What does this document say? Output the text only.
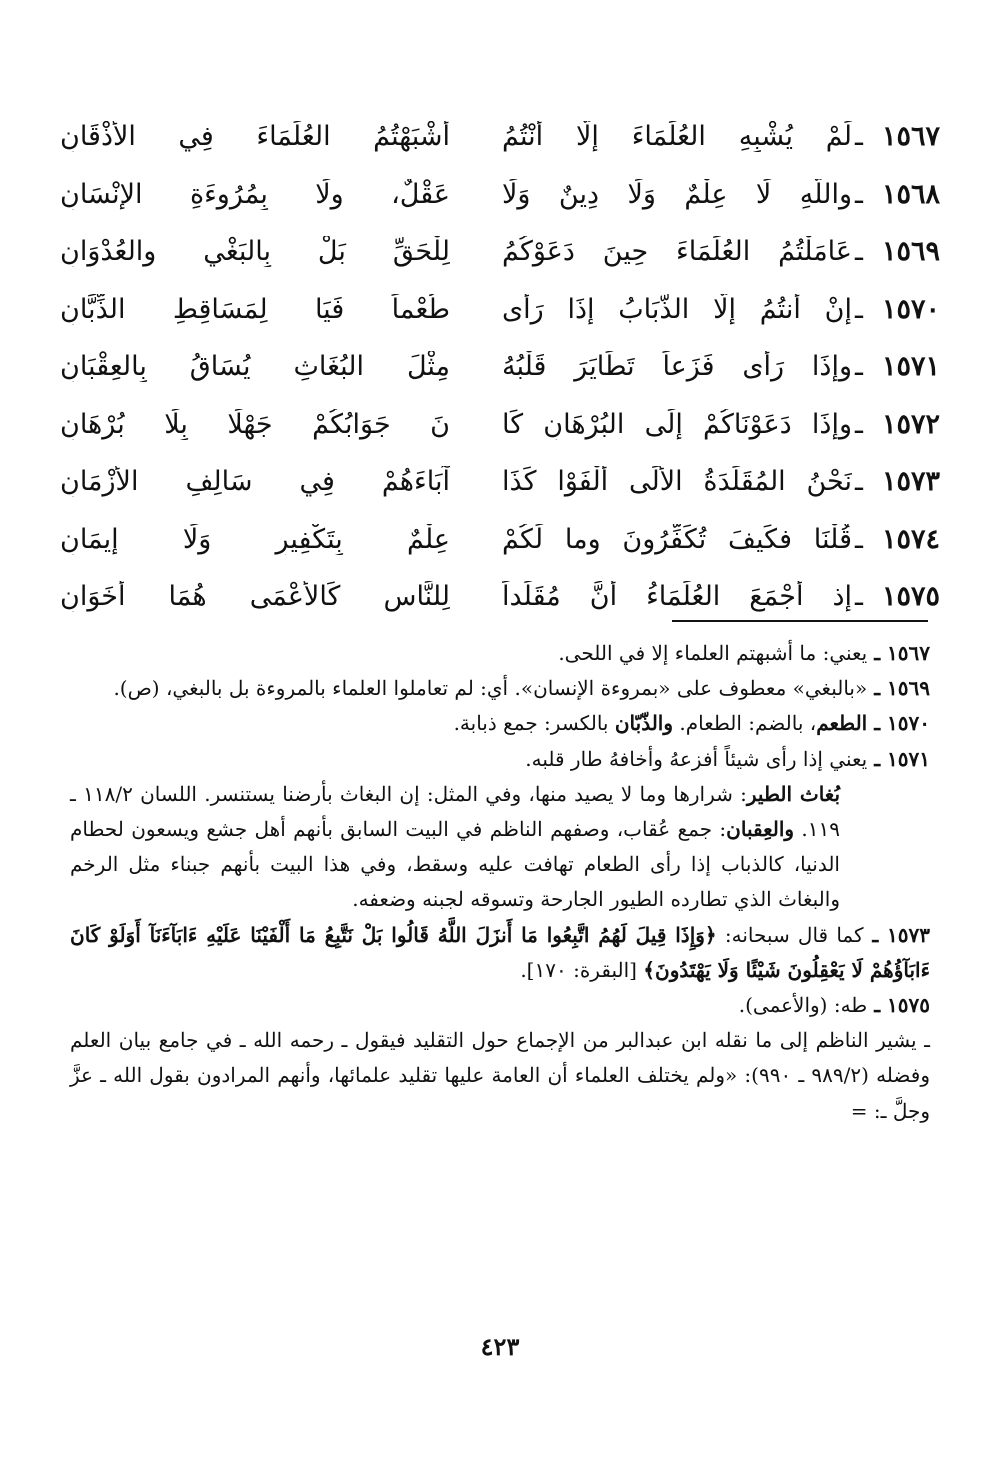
١٥٦٧
ـ
لَمْ يُشْبِهِ العُلَمَاءَ إِلَّا أَنْتُمُ
أَشْبَهْتُمُ العُلَمَاءَ فِي الأَذْقَانِ
١٥٦٨
ـ
واللَّهِ لَا عِلْمٌ وَلَا دِينٌ وَلَا
عَقْلٌ، ولَا بِمُرُوءَةِ الإِنْسَانِ
١٥٦٩
ـ
عَامَلْتُمُ العُلَمَاءَ حِينَ دَعَوْكُمُ
لِلْحَقِّ بَلْ بِالبَغْيِ والعُدْوَانِ
١٥٧٠
ـ
إِنْ أَنتُمُ إِلَّا الذُّبَابُ إِذَا رَأَى
طُعْماً فَيَا لِمَسَاقِطِ الذِّبَّانِ
١٥٧١
ـ
وإِذَا رَأَى فَزَعاً تَطَايَرَ قَلْبُهُ
مِثْلَ البُغَاثِ يُسَاقُ بِالعِقْبَانِ
١٥٧٢
ـ
وإِذَا دَعَوْنَاكُمْ إِلَى البُرْهَانِ كَا
نَ جَوَابُكُمْ جَهْلًا بِلَا بُرْهَانِ
١٥٧٣
ـ
نَحْنُ المُقَلِّدَةُ الأُلَى أَلْفَوْا كَذَا
آبَاءَهُمْ فِي سَالِفِ الأَزْمَانِ
١٥٧٤
ـ
قُلْنَا فكَيفَ تُكَفِّرُونَ وما لَكُمْ
عِلْمٌ بِتَكْفِيرٍ وَلَا إِيمَانِ
١٥٧٥
ـ
إذ أَجْمَعَ العُلَمَاءُ أَنَّ مُقَلِّداً
لِلنَّاسِ كَالأَعْمَى هُمَا أَخَوَانِ

١٥٦٧ ـ يعني: ما أشبهتم العلماء إلا في اللحى.

١٥٦٩ ـ «بالبغي» معطوف على «بمروءة الإنسان». أي: لم تعاملوا العلماء بالمروءة بل بالبغي، (ص).

١٥٧٠ ـ الطعم، بالضم: الطعام. والذّبّان بالكسر: جمع ذبابة.

١٥٧١ ـ يعني إذا رأى شيئاً أفزعهُ وأخافهُ طار قلبه.

بُغاث الطير: شرارها وما لا يصيد منها، وفي المثل: إن البغاث بأرضنا يستنسر. اللسان ١١٨/٢ ـ ١١٩. والعِقبان: جمع عُقاب، وصفهم الناظم في البيت السابق بأنهم أهل جشع ويسعون لحطام الدنيا، كالذباب إذا رأى الطعام تهافت عليه وسقط، وفي هذا البيت بأنهم جبناء مثل الرخم والبغاث الذي تطارده الطيور الجارحة وتسوقه لجبنه وضعفه.

١٥٧٣ ـ كما قال سبحانه: ﴿وَإِذَا قِيلَ لَهُمُ اتَّبِعُوا مَا أَنزَلَ اللَّهُ قَالُوا بَلْ نَتَّبِعُ مَا أَلْفَيْنَا عَلَيْهِ ءَابَآءَنَآ أَوَلَوْ كَانَ ءَابَآؤُهُمْ لَا يَعْقِلُونَ شَيْئًا وَلَا يَهْتَدُونَ﴾ [البقرة: ١٧٠].

١٥٧٥ ـ طه: (والأعمى).

ـ يشير الناظم إلى ما نقله ابن عبدالبر من الإجماع حول التقليد فيقول ـ رحمه الله ـ في جامع بيان العلم وفضله (٩٨٩/٢ ـ ٩٩٠): «ولم يختلف العلماء أن العامة عليها تقليد علمائها، وأنهم المرادون بقول الله ـ عزَّ وجلَّ ـ: =

٤٢٣
